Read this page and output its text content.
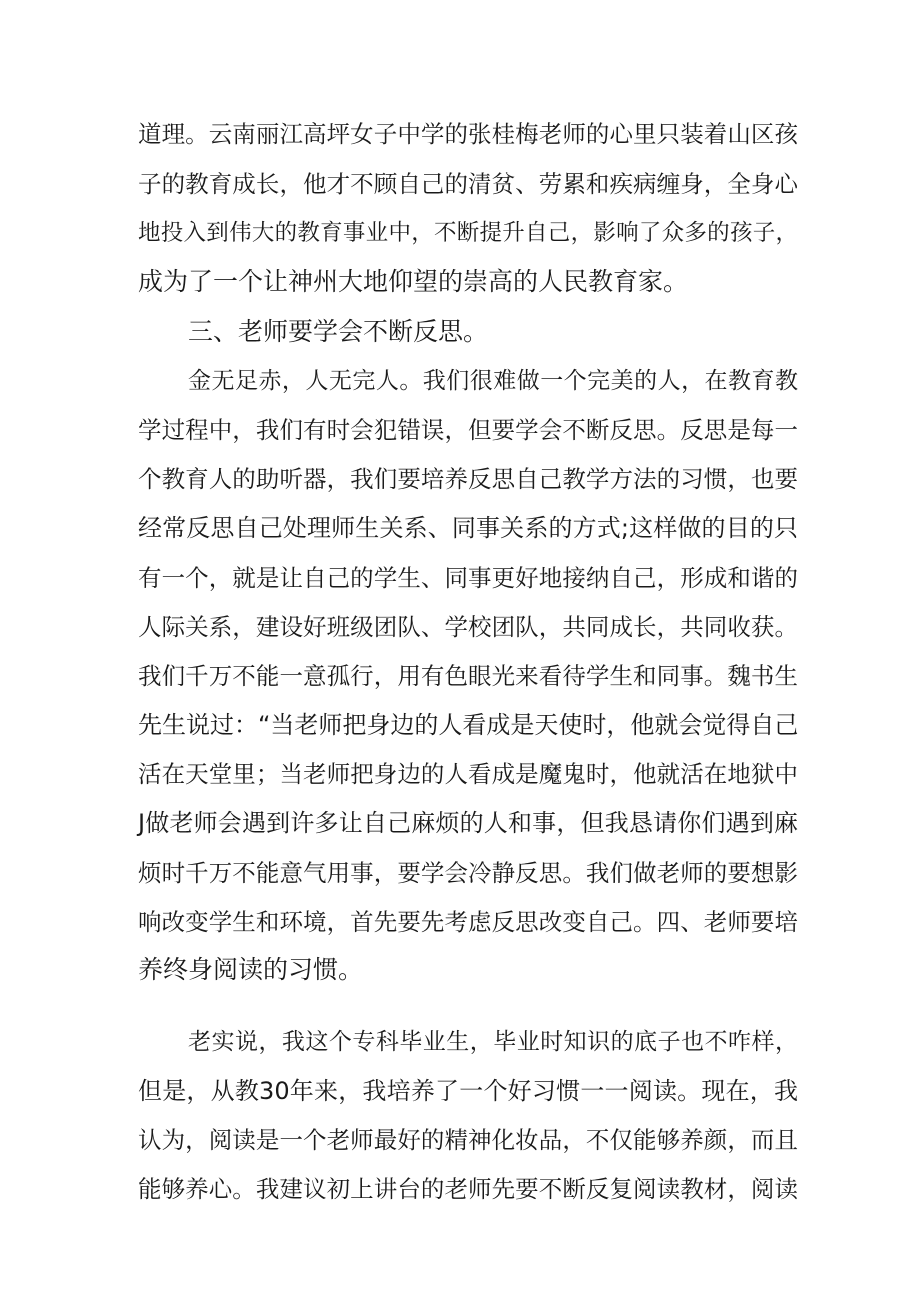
道理。云南丽江高坪女子中学的张桂梅老师的心里只装着山区孩
子的教育成长，他才不顾自己的清贫、劳累和疾病缠身，全身心
地投入到伟大的教育事业中，不断提升自己，影响了众多的孩子，
成为了一个让神州大地仰望的崇高的人民教育家。
三、老师要学会不断反思。
金无足赤，人无完人。我们很难做一个完美的人，在教育教
学过程中，我们有时会犯错误，但要学会不断反思。反思是每一
个教育人的助听器，我们要培养反思自己教学方法的习惯，也要
经常反思自己处理师生关系、同事关系的方式;这样做的目的只
有一个，就是让自己的学生、同事更好地接纳自己，形成和谐的
人际关系，建设好班级团队、学校团队，共同成长，共同收获。
我们千万不能一意孤行，用有色眼光来看待学生和同事。魏书生
先生说过：“当老师把身边的人看成是天使时，他就会觉得自己
活在天堂里；当老师把身边的人看成是魔鬼时，他就活在地狱中
J做老师会遇到许多让自己麻烦的人和事，但我恳请你们遇到麻
烦时千万不能意气用事，要学会冷静反思。我们做老师的要想影
响改变学生和环境，首先要先考虑反思改变自己。四、老师要培
养终身阅读的习惯。
老实说，我这个专科毕业生，毕业时知识的底子也不咋样，
但是，从教30年来，我培养了一个好习惯一一阅读。现在，我
认为，阅读是一个老师最好的精神化妆品，不仅能够养颜，而且
能够养心。我建议初上讲台的老师先要不断反复阅读教材，阅读
